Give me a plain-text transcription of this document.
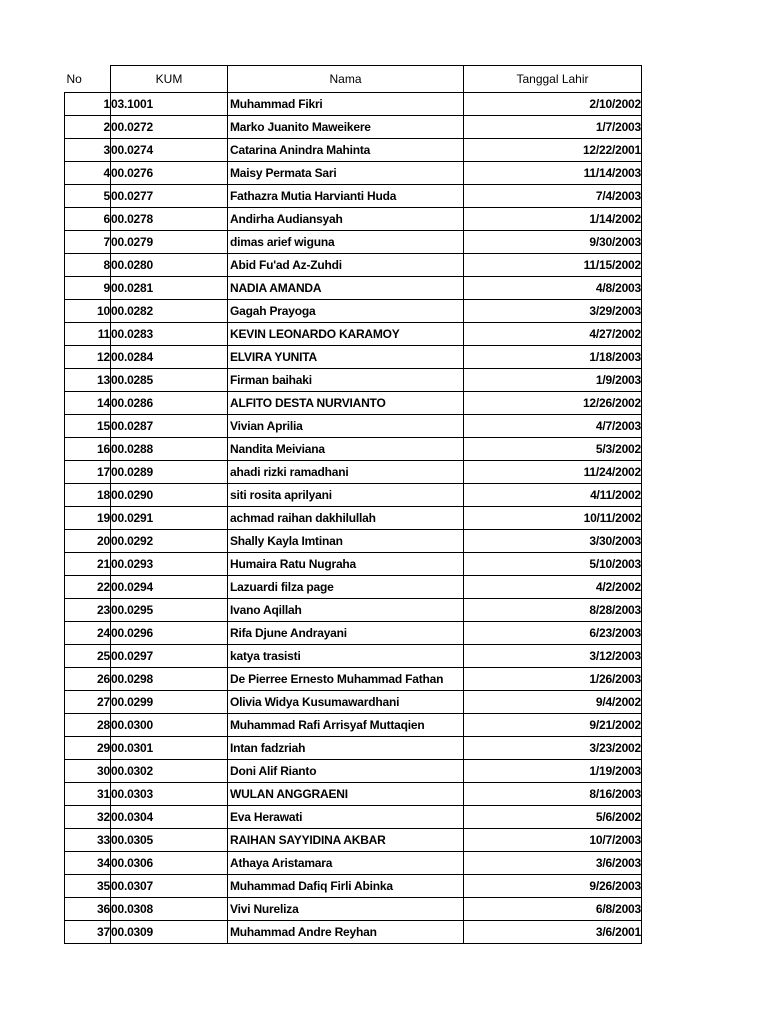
No	KUM	Nama	Tanggal Lahir
1	03.1001	Muhammad Fikri	2/10/2002
2	00.0272	Marko Juanito Maweikere	1/7/2003
3	00.0274	Catarina Anindra Mahinta	12/22/2001
4	00.0276	Maisy Permata Sari	11/14/2003
5	00.0277	Fathazra Mutia Harvianti Huda	7/4/2003
6	00.0278	Andirha Audiansyah	1/14/2002
7	00.0279	dimas arief wiguna	9/30/2003
8	00.0280	Abid Fu'ad Az-Zuhdi	11/15/2002
9	00.0281	NADIA AMANDA	4/8/2003
10	00.0282	Gagah Prayoga	3/29/2003
11	00.0283	KEVIN LEONARDO KARAMOY	4/27/2002
12	00.0284	ELVIRA YUNITA	1/18/2003
13	00.0285	Firman baihaki	1/9/2003
14	00.0286	ALFITO DESTA NURVIANTO	12/26/2002
15	00.0287	Vivian Aprilia	4/7/2003
16	00.0288	Nandita Meiviana	5/3/2002
17	00.0289	ahadi rizki ramadhani	11/24/2002
18	00.0290	siti rosita aprilyani	4/11/2002
19	00.0291	achmad raihan dakhilullah	10/11/2002
20	00.0292	Shally Kayla Imtinan	3/30/2003
21	00.0293	Humaira Ratu Nugraha	5/10/2003
22	00.0294	Lazuardi filza page	4/2/2002
23	00.0295	Ivano Aqillah	8/28/2003
24	00.0296	Rifa Djune Andrayani	6/23/2003
25	00.0297	katya trasisti	3/12/2003
26	00.0298	De Pierree Ernesto Muhammad Fathan	1/26/2003
27	00.0299	Olivia Widya Kusumawardhani	9/4/2002
28	00.0300	Muhammad Rafi Arrisyaf Muttaqien	9/21/2002
29	00.0301	Intan fadzriah	3/23/2002
30	00.0302	Doni Alif Rianto	1/19/2003
31	00.0303	WULAN ANGGRAENI	8/16/2003
32	00.0304	Eva Herawati	5/6/2002
33	00.0305	RAIHAN SAYYIDINA AKBAR	10/7/2003
34	00.0306	Athaya Aristamara	3/6/2003
35	00.0307	Muhammad Dafiq Firli Abinka	9/26/2003
36	00.0308	Vivi Nureliza	6/8/2003
37	00.0309	Muhammad Andre Reyhan	3/6/2001
